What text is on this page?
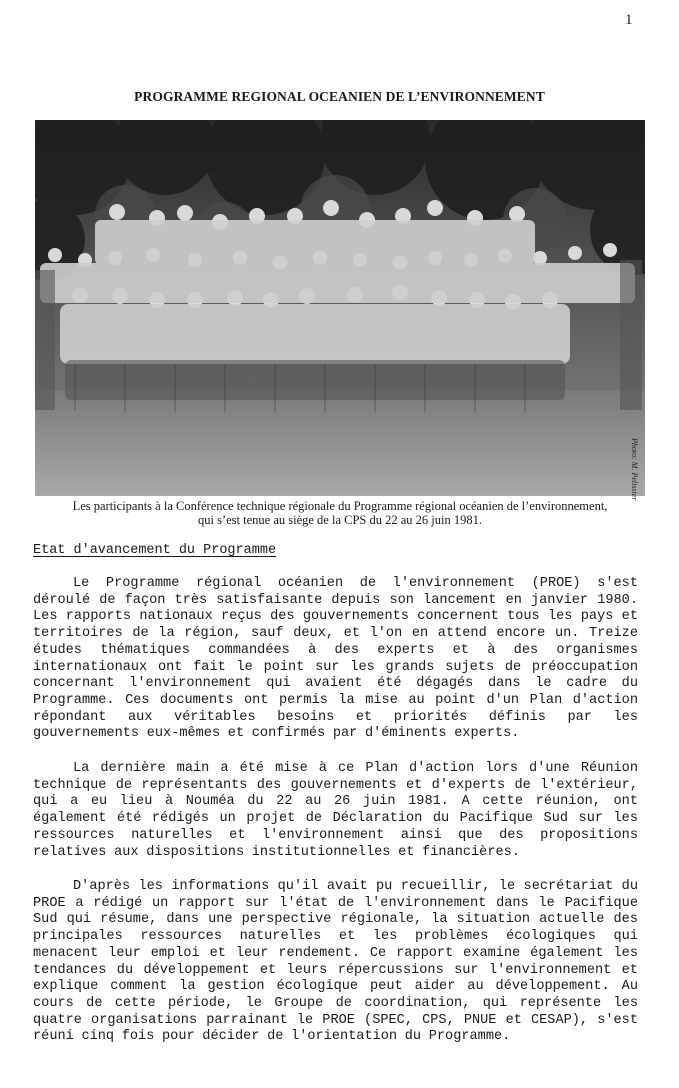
1
PROGRAMME REGIONAL OCEANIEN DE L’ENVIRONNEMENT
Photo: M. Pelissier
Les participants à la Conférence technique régionale du Programme régional océanien de l’environnement,
qui s’est tenue au siège de la CPS du 22 au 26 juin 1981.
Etat d'avancement du Programme

Le Programme régional océanien de l'environnement (PROE) s'est déroulé de façon très satisfaisante depuis son lancement en janvier 1980. Les rapports nationaux reçus des gouvernements concernent tous les pays et territoires de la région, sauf deux, et l'on en attend encore un. Treize études thématiques commandées à des experts et à des organismes internationaux ont fait le point sur les grands sujets de préoccupation concernant l'environnement qui avaient été dégagés dans le cadre du Programme. Ces documents ont permis la mise au point d'un Plan d'action répondant aux véritables besoins et priorités définis par les gouvernements eux-mêmes et confirmés par d'éminents experts.

La dernière main a été mise à ce Plan d'action lors d'une Réunion technique de représentants des gouvernements et d'experts de l'extérieur, qui a eu lieu à Nouméa du 22 au 26 juin 1981. A cette réunion, ont également été rédigés un projet de Déclaration du Pacifique Sud sur les ressources naturelles et l'environnement ainsi que des propositions relatives aux dispositions institutionnelles et financières.

D'après les informations qu'il avait pu recueillir, le secrétariat du PROE a rédigé un rapport sur l'état de l'environnement dans le Pacifique Sud qui résume, dans une perspective régionale, la situation actuelle des principales ressources naturelles et les problèmes écologiques qui menacent leur emploi et leur rendement. Ce rapport examine également les tendances du développement et leurs répercussions sur l'environnement et explique comment la gestion écologique peut aider au développement. Au cours de cette période, le Groupe de coordination, qui représente les quatre organisations parrainant le PROE (SPEC, CPS, PNUE et CESAP), s'est réuni cinq fois pour décider de l'orientation du Programme.
